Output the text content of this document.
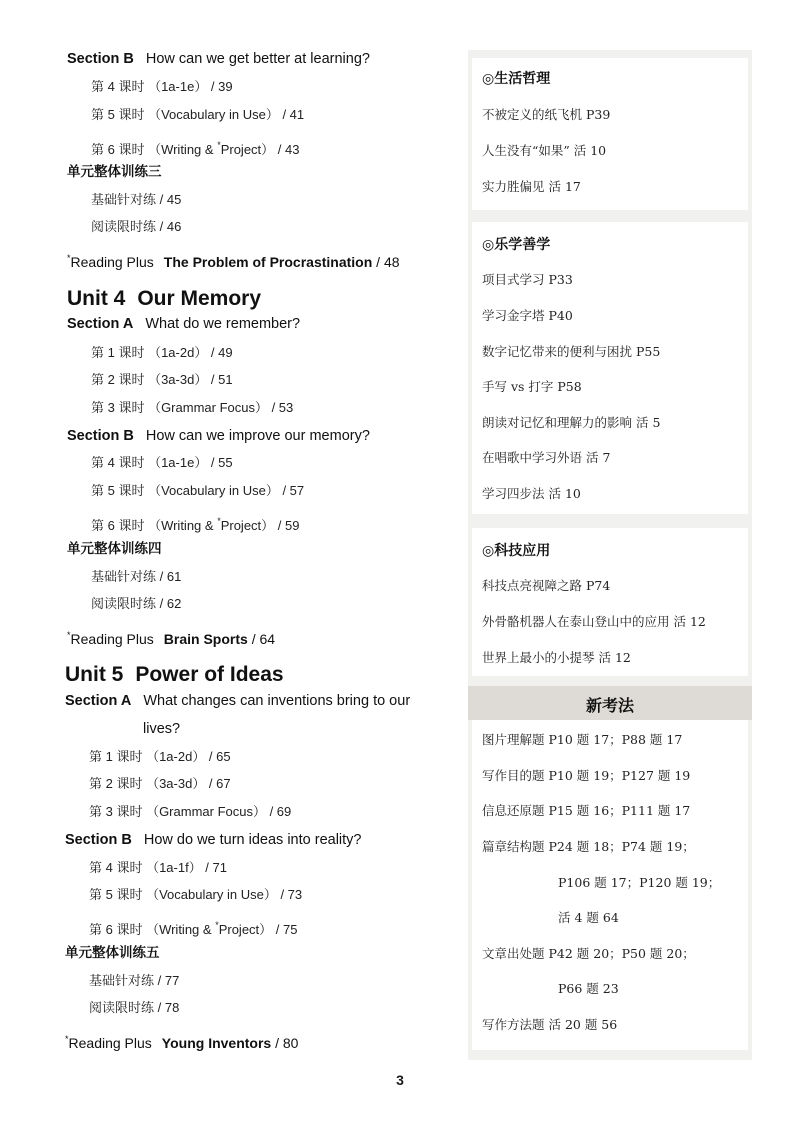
Section B How can we get better at learning?
第 4 课时 （1a-1e） / 39
第 5 课时 （Vocabulary in Use） / 41
第 6 课时 （Writing & *Project） / 43
单元整体训练三
基础针对练 / 45
阅读限时练 / 46
*Reading Plus The Problem of Procrastination / 48
Unit 4 Our Memory
Section A What do we remember?
第 1 课时 （1a-2d） / 49
第 2 课时 （3a-3d） / 51
第 3 课时 （Grammar Focus） / 53
Section B How can we improve our memory?
第 4 课时 （1a-1e） / 55
第 5 课时 （Vocabulary in Use） / 57
第 6 课时 （Writing & *Project） / 59
单元整体训练四
基础针对练 / 61
阅读限时练 / 62
*Reading Plus Brain Sports / 64
Unit 5 Power of Ideas
Section A What changes can inventions bring to our
lives?
第 1 课时 （1a-2d） / 65
第 2 课时 （3a-3d） / 67
第 3 课时 （Grammar Focus） / 69
Section B How do we turn ideas into reality?
第 4 课时 （1a-1f） / 71
第 5 课时 （Vocabulary in Use） / 73
第 6 课时 （Writing & *Project） / 75
单元整体训练五
基础针对练 / 77
阅读限时练 / 78
*Reading Plus Young Inventors / 80
◎生活哲理
不被定义的纸飞机 P39
人生没有“如果” 活 10
实力胜偏见 活 17
◎乐学善学
项目式学习 P33
学习金字塔 P40
数字记忆带来的便利与困扰 P55
手写 vs 打字 P58
朗读对记忆和理解力的影响 活 5
在唱歌中学习外语 活 7
学习四步法 活 10
◎科技应用
科技点亮视障之路 P74
外骨骼机器人在泰山登山中的应用 活 12
世界上最小的小提琴 活 12
新考法
图片理解题 P10 题 17；P88 题 17
写作目的题 P10 题 19；P127 题 19
信息还原题 P15 题 16；P111 题 17
篇章结构题 P24 题 18；P74 题 19；
P106 题 17；P120 题 19；
活 4 题 64
文章出处题 P42 题 20；P50 题 20；
P66 题 23
写作方法题 活 20 题 56
3
